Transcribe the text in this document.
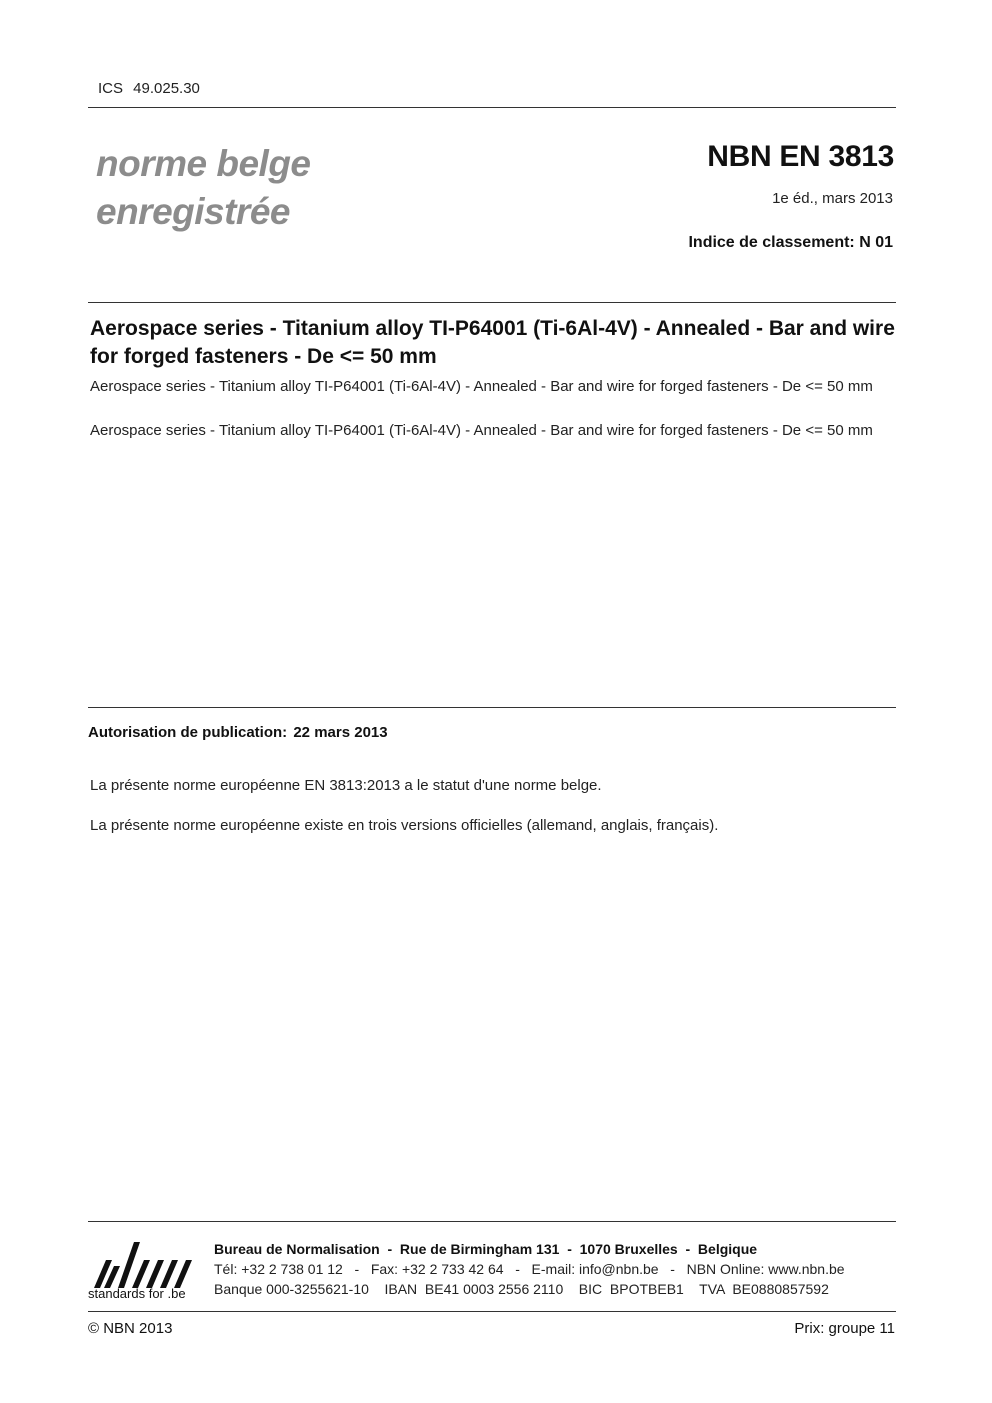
ICS 49.025.30
norme belge
enregistrée
NBN EN 3813
1e éd., mars 2013
Indice de classement: N 01
Aerospace series - Titanium alloy TI-P64001 (Ti-6Al-4V) - Annealed - Bar and wire for forged fasteners - De <= 50 mm
Aerospace series - Titanium alloy TI-P64001 (Ti-6Al-4V) - Annealed - Bar and wire for forged fasteners - De <= 50 mm
Aerospace series - Titanium alloy TI-P64001 (Ti-6Al-4V) - Annealed - Bar and wire for forged fasteners - De <= 50 mm
Autorisation de publication: 22 mars 2013
La présente norme européenne EN 3813:2013 a le statut d'une norme belge.
La présente norme européenne existe en trois versions officielles (allemand, anglais, français).
standards for .be
Bureau de Normalisation  -  Rue de Birmingham 131  -  1070 Bruxelles  -  Belgique
Tél: +32 2 738 01 12   -   Fax: +32 2 733 42 64   -   E-mail: info@nbn.be   -   NBN Online: www.nbn.be
Banque 000-3255621-10    IBAN  BE41 0003 2556 2110    BIC  BPOTBEB1    TVA  BE0880857592
© NBN 2013	Prix: groupe 11
